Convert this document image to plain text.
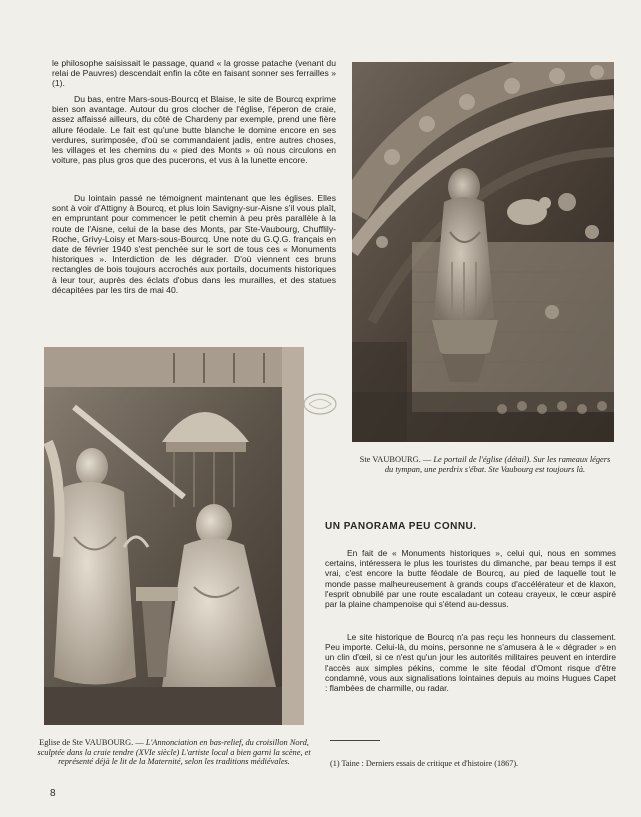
le philosophe saisissait le passage, quand « la grosse patache (venant du relai de Pauvres) descendait enfin la côte en faisant sonner ses ferrailles » (1).

Du bas, entre Mars-sous-Bourcq et Blaise, le site de Bourcq exprime bien son avantage. Autour du gros clocher de l'église, l'éperon de craie, assez affaissé ailleurs, du côté de Chardeny par exemple, prend une fière allure féodale. Le fait est qu'une butte blanche le domine encore en ses verdures, surimposée, d'où se commandaient jadis, entre autres choses, les villages et les chemins du « pied des Monts » où nous circulons en voiture, pas plus gros que des pucerons, et vus à la lunette encore.

Du lointain passé ne témoignent maintenant que les églises. Elles sont à voir d'Attigny à Bourcq, et plus loin Savigny-sur-Aisne s'il vous plaît, en empruntant pour commencer le petit chemin à peu près parallèle à la route de l'Aisne, celui de la base des Monts, par Ste-Vaubourg, Chufflily-Roche, Grivy-Loisy et Mars-sous-Bourcq. Une note du G.Q.G. français en date de février 1940 s'est penchée sur le sort de tous ces « Monuments historiques ». Interdiction de les dégrader. D'où viennent ces bruns rectangles de bois toujours accrochés aux portails, documents historiques à leur tour, auprès des éclats d'obus dans les murailles, et des statues décapitées par les tirs de mai 40.

Ste VAUBOURG. — Le portail de l'église (détail). Sur les rameaux légers du tympan, une perdrix s'ébat. Ste Vaubourg est toujours là.

Eglise de Ste VAUBOURG. — L'Annonciation en bas-relief, du croisillon Nord, sculptée dans la craie tendre (XVIe siècle) L'artiste local a bien garni la scène, et représenté déjà le lit de la Maternité, selon les traditions médiévales.

UN PANORAMA PEU CONNU.

En fait de « Monuments historiques », celui qui, nous en sommes certains, intéressera le plus les touristes du dimanche, par beau temps il est vrai, c'est encore la butte féodale de Bourcq, au pied de laquelle tout le monde passe malheureusement à grands coups d'accélérateur et de klaxon, l'esprit obnubilé par une route escaladant un coteau crayeux, le cœur aspiré par la plaine champenoise qui s'étend au-dessus.

Le site historique de Bourcq n'a pas reçu les honneurs du classement. Peu importe. Celui-là, du moins, personne ne s'amusera à le « dégrader » en un clin d'œil, si ce n'est qu'un jour les autorités militaires peuvent en interdire l'accès aux simples pékins, comme le site féodal d'Omont risque d'être condamné, vous aux signalisations lointaines depuis au moins Hugues Capet : flambées de charmille, ou radar.

(1) Taine : Derniers essais de critique et d'histoire (1867).

8
